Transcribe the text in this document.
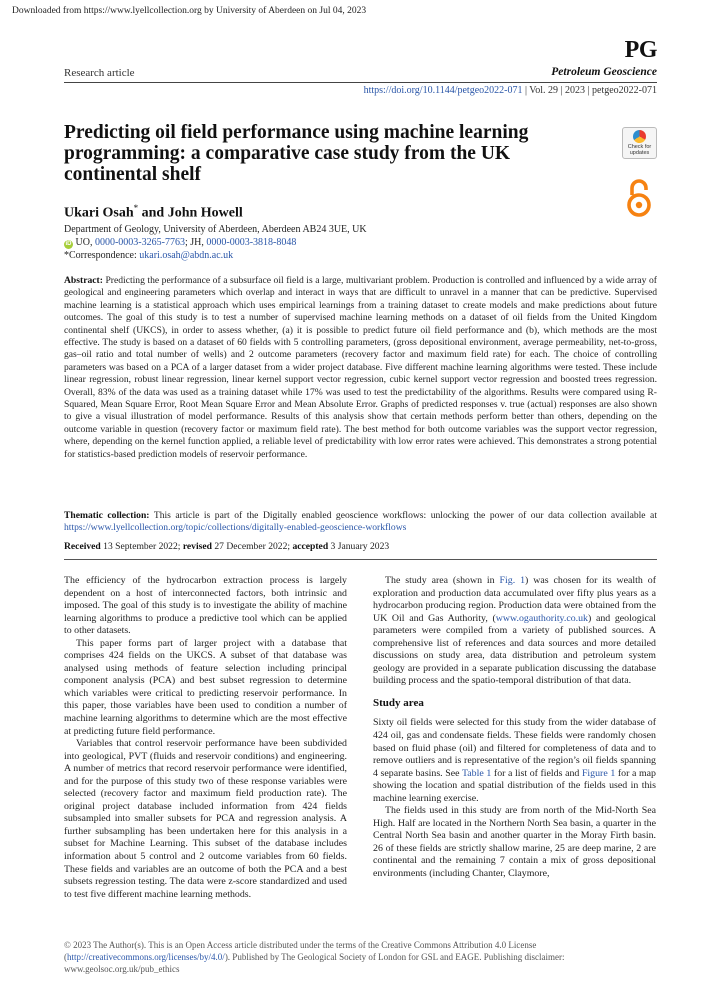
Downloaded from https://www.lyellcollection.org by University of Aberdeen on Jul 04, 2023
PG
Research article	Petroleum Geoscience
https://doi.org/10.1144/petgeo2022-071 | Vol. 29 | 2023 | petgeo2022-071
Predicting oil field performance using machine learning programming: a comparative case study from the UK continental shelf
Check for
updates
Ukari Osah* and John Howell
Department of Geology, University of Aberdeen, Aberdeen AB24 3UE, UK
iD UO, 0000-0003-3265-7763; JH, 0000-0003-3818-8048
*Correspondence: ukari.osah@abdn.ac.uk

Abstract: Predicting the performance of a subsurface oil field is a large, multivariant problem. Production is controlled and influenced by a wide array of geological and engineering parameters which overlap and interact in ways that are difficult to unravel in a manner that can be predictive. Supervised machine learning is a statistical approach which uses empirical learnings from a training dataset to create models and make predictions about future outcomes. The goal of this study is to test a number of supervised machine learning methods on a dataset of oil fields from the United Kingdom continental shelf (UKCS), in order to assess whether, (a) it is possible to predict future oil field performance and (b), which methods are the most effective. The study is based on a dataset of 60 fields with 5 controlling parameters, (gross depositional environment, average permeability, net-to-gross, gas–oil ratio and total number of wells) and 2 outcome parameters (recovery factor and maximum field rate) for each. The choice of controlling parameters was based on a PCA of a larger dataset from a wider project database. Five different machine learning algorithms were tested. These include linear regression, robust linear regression, linear kernel support vector regression, cubic kernel support vector regression and boosted trees regression. Overall, 83% of the data was used as a training dataset while 17% was used to test the predictability of the algorithms. Results were compared using R-Squared, Mean Square Error, Root Mean Square Error and Mean Absolute Error. Graphs of predicted responses v. true (actual) responses are also shown to give a visual illustration of model performance. Results of this analysis show that certain methods perform better than others, depending on the outcome variable in question (recovery factor or maximum field rate). The best method for both outcome variables was the support vector regression, where, depending on the kernel function applied, a reliable level of predictability with low error rates were achieved. This demonstrates a strong potential for statistics-based prediction models of reservoir performance.

Thematic collection: This article is part of the Digitally enabled geoscience workflows: unlocking the power of our data collection available at https://www.lyellcollection.org/topic/collections/digitally-enabled-geoscience-workflows

Received 13 September 2022; revised 27 December 2022; accepted 3 January 2023

The efficiency of the hydrocarbon extraction process is largely dependent on a host of interconnected factors, both intrinsic and imposed. The goal of this study is to investigate the ability of machine learning algorithms to produce a predictive tool which can be applied to other datasets.

This paper forms part of larger project with a database that comprises 424 fields on the UKCS. A subset of that database was analysed using methods of feature selection including principal component analysis (PCA) and best subset regression to determine which variables were critical to predicting reservoir performance. In this paper, those variables have been used to condition a number of machine learning algorithms to determine which are the most effective at predicting future field performance.

Variables that control reservoir performance have been subdivided into geological, PVT (fluids and reservoir conditions) and engineering. A number of metrics that record reservoir performance were identified, and for the purpose of this study two of these response variables were selected (recovery factor and maximum field production rate). The original project database included information from 424 fields subsampled into smaller subsets for PCA and regression analysis. A further subsampling has been undertaken here for this analysis in a subset for Machine Learning. This subset of the database includes information about 5 control and 2 outcome variables from 60 fields. These fields and variables are an outcome of both the PCA and a best subsets regression testing. The data were z-score standardized and used to test five different machine learning methods.

The study area (shown in Fig. 1) was chosen for its wealth of exploration and production data accumulated over fifty plus years as a hydrocarbon producing region. Production data were obtained from the UK Oil and Gas Authority, (www.ogauthority.co.uk) and geological parameters were compiled from a variety of published sources. A comprehensive list of references and data sources and more detailed discussions on study area, data distribution and petroleum system geology are provided in a separate publication discussing the database building process and the spatio-temporal distribution of that data.

Study area

Sixty oil fields were selected for this study from the wider database of 424 oil, gas and condensate fields. These fields were randomly chosen based on fluid phase (oil) and filtered for completeness of data and to remove outliers and is representative of the region’s oil fields spanning 4 separate basins. See Table 1 for a list of fields and Figure 1 for a map showing the location and spatial distribution of the fields used in this machine learning exercise.

The fields used in this study are from north of the Mid-North Sea High. Half are located in the Northern North Sea basin, a quarter in the Central North Sea basin and another quarter in the Moray Firth basin. 26 of these fields are strictly shallow marine, 25 are deep marine, 2 are continental and the remaining 7 contain a mix of gross depositional environments (including Chanter, Claymore,

© 2023 The Author(s). This is an Open Access article distributed under the terms of the Creative Commons Attribution 4.0 License (http://creativecommons.org/licenses/by/4.0/). Published by The Geological Society of London for GSL and EAGE. Publishing disclaimer: www.geolsoc.org.uk/pub_ethics
